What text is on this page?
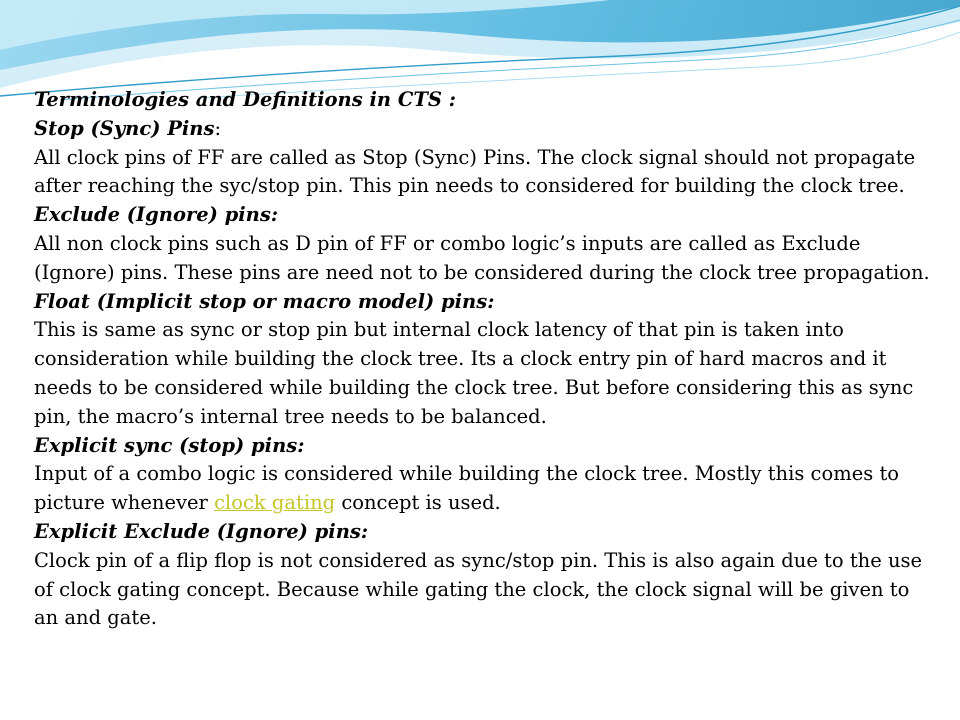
Terminologies and Definitions in CTS :

Stop (Sync) Pins:

All clock pins of FF are called as Stop (Sync) Pins. The clock signal should not propagate after reaching the syc/stop pin. This pin needs to considered for building the clock tree.

Exclude (Ignore) pins:

All non clock pins such as D pin of FF or combo logic’s inputs are called as Exclude (Ignore) pins. These pins are need not to be considered during the clock tree propagation.

Float (Implicit stop or macro model) pins:

This is same as sync or stop pin but internal clock latency of that pin is taken into consideration while building the clock tree. Its a clock entry pin of hard macros and it needs to be considered while building the clock tree. But before considering this as sync pin, the macro’s internal tree needs to be balanced.

Explicit sync (stop) pins:

Input of a combo logic is considered while building the clock tree. Mostly this comes to picture whenever clock gating concept is used.

Explicit Exclude (Ignore) pins:

Clock pin of a flip flop is not considered as sync/stop pin. This is also again due to the use of clock gating concept. Because while gating the clock, the clock signal will be given to an and gate.
